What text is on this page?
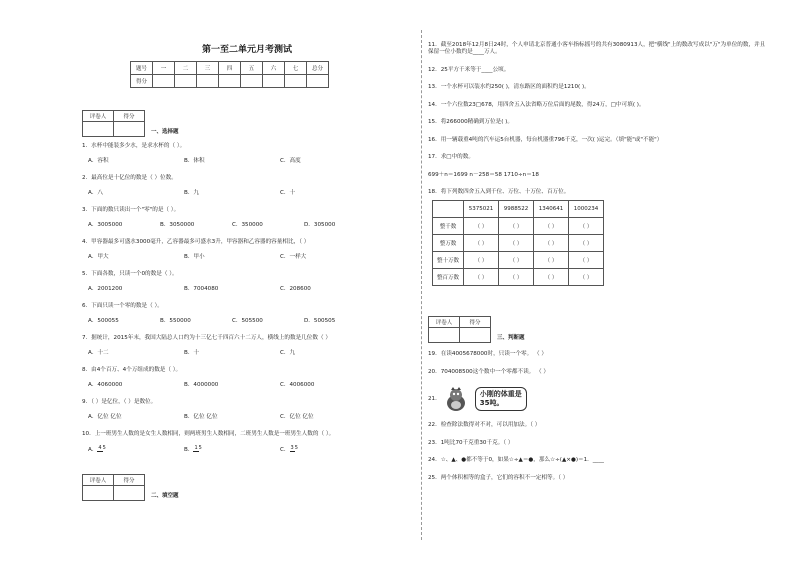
第一至二单元月考测试
题号	一	二	三	四	五	六	七	总分
得分								
评卷人	得分

一、选择题

1．水杯中能装多少水，是求水杯的（ ）。

A．容积	B．体积	C．高度

2．最高位是十亿位的数是（ ）位数。

A．八	B．九	C．十

3．下面的数只读出一个"零"的是（ ）。

A．3005000	B．3050000	C．350000	D．305000

4．甲容器最多可盛水3000毫升，乙容器最多可盛水3升，甲容器和乙容器的容量相比，（ ）

A．甲大	B．甲小	C．一样大

5．下面各数，只读一个0的数是（ ）。

A．2001200	B．7004080	C．208600

6．下面只读一个零的数是（ ）。

A．500055	B．550000	C．505500	D．500505

7．据统计，2015年末，我国大陆总人口约为十三亿七千四百六十二万人，横线上的数是几位数（ ）

A．十二	B．十	C．九

8．由4个百万、4个万组成的数是（ ）。

A．4060000	B．4000000	C．4006000

9．（ ）是亿位，（ ）是数位。

A．亿位 亿位	B．亿位 亿位	C．亿位 亿位

10．上一班男生人数的是女生人数相同，则两班男生人数相同，二班男生人数是一班男生人数的（ ）。

A．45	B．15	C．35
评卷人	得分

二、填空题

11．截至2018年12月8日24时，个人申请北京普通小客车指标摇号的共有3080913人，把"横线"上的数改写成以"万"为单位的数，并且保留一位小数约是____万人。

12．25平方千米等于____公顷。

13．一个水杯可以装水约250( )，清东路区的面积约是1210( )。

14．一个六位数23□678，用四舍五入法省略万位后面的尾数，得24万，□中可填( )。

15．将266000精确到万位是( )。

16．用一辆载重4吨的汽车运5台机器，每台机器重796千克，一次( )运完。（填"能"或"不能"）

17．求□中的数。

699＋n＝1699 n－258＝58 1710÷n＝18

18．将下列数四舍五入到千位、万位、十万位、百万位。

	5375021	9988522	1340641	1000234
整千数	（ ）	（ ）	（ ）	（ ）
整万数	（ ）	（ ）	（ ）	（ ）
整十万数	（ ）	（ ）	（ ）	（ ）
整百万数	（ ）	（ ）	（ ）	（ ）
评卷人	得分

三、判断题

19．在读4005678000时，只读一个零。 （ ）

20．704008500这个数中一个零都不读。 （ ）

21．
小刚的体重是
35吨。

22．检查除法数得对不对，可以用加法。（ ）

23．1吨比70千克重30千克。（ ）

24．☆、▲、●都不等于0，如果☆÷▲＝●，那么☆÷(▲×●)＝1．____

25．两个体积相等的盒子，它们的容积不一定相等。（ ）
